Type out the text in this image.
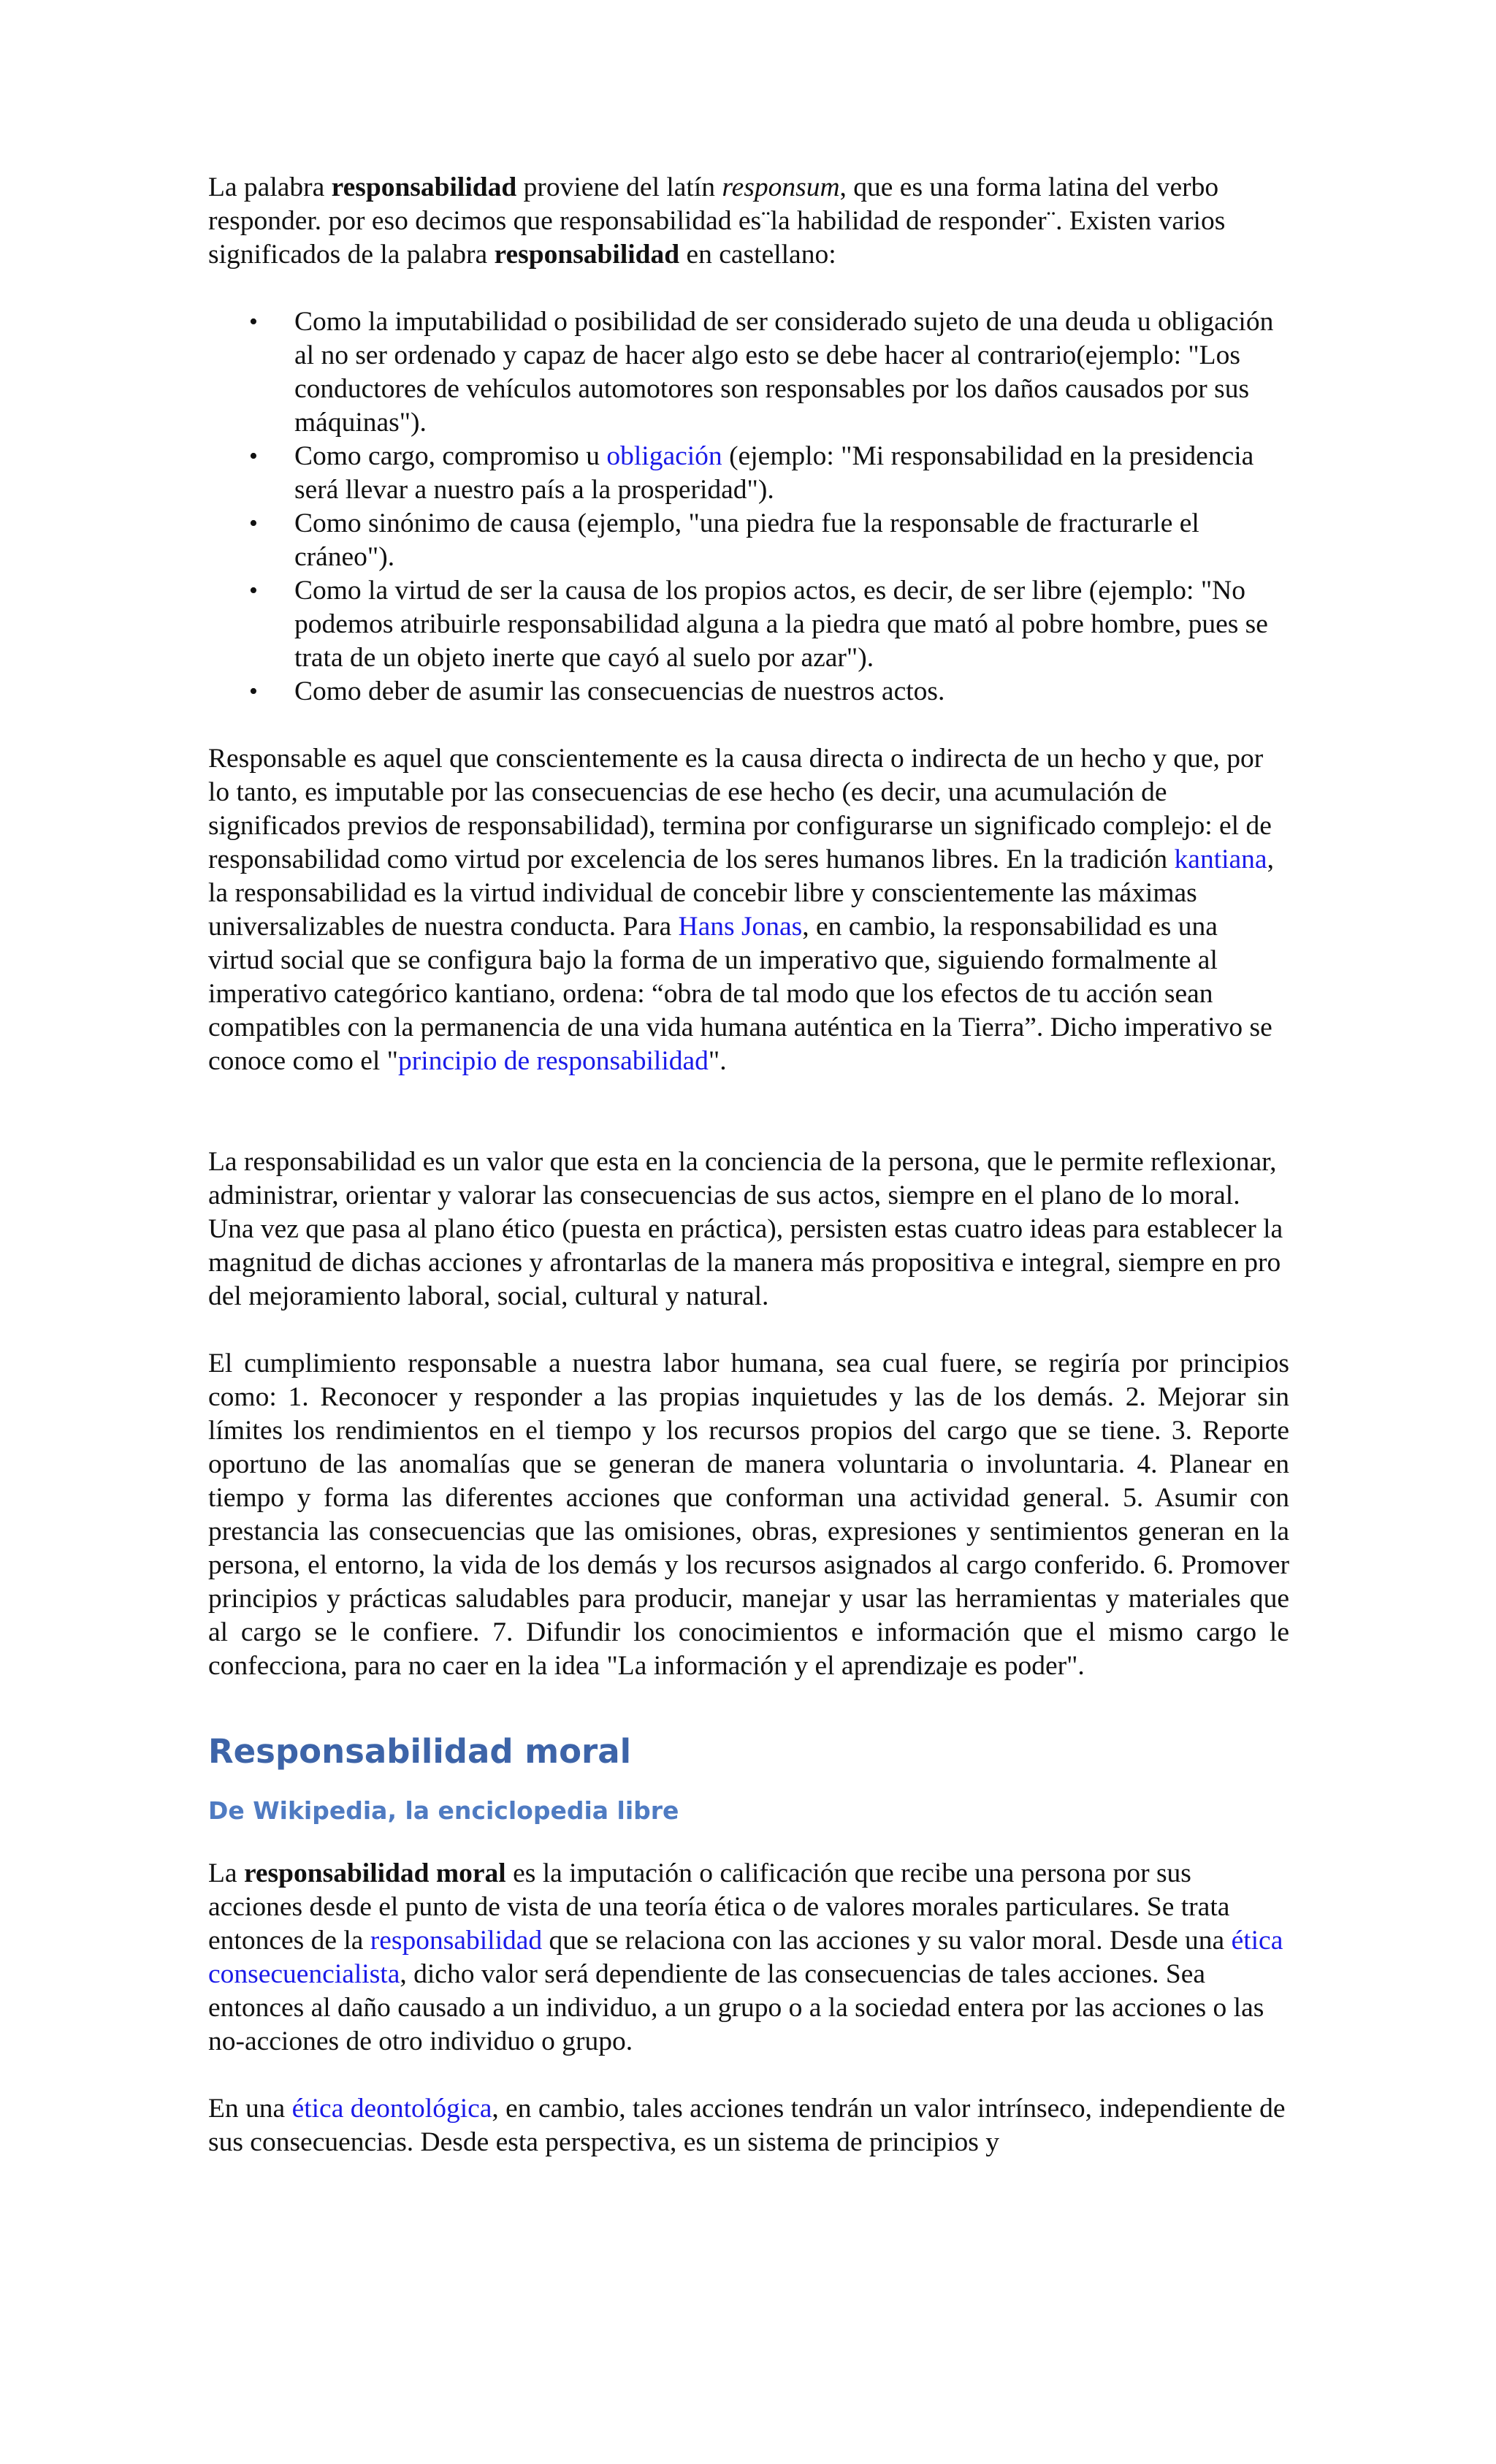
La palabra responsabilidad proviene del latín responsum, que es una forma latina del verbo responder. por eso decimos que responsabilidad es¨la habilidad de responder¨. Existen varios significados de la palabra responsabilidad en castellano:

• Como la imputabilidad o posibilidad de ser considerado sujeto de una deuda u obligación al no ser ordenado y capaz de hacer algo esto se debe hacer al contrario(ejemplo: "Los conductores de vehículos automotores son responsables por los daños causados por sus máquinas").
• Como cargo, compromiso u obligación (ejemplo: "Mi responsabilidad en la presidencia será llevar a nuestro país a la prosperidad").
• Como sinónimo de causa (ejemplo, "una piedra fue la responsable de fracturarle el cráneo").
• Como la virtud de ser la causa de los propios actos, es decir, de ser libre (ejemplo: "No podemos atribuirle responsabilidad alguna a la piedra que mató al pobre hombre, pues se trata de un objeto inerte que cayó al suelo por azar").
• Como deber de asumir las consecuencias de nuestros actos.

Responsable es aquel que conscientemente es la causa directa o indirecta de un hecho y que, por lo tanto, es imputable por las consecuencias de ese hecho (es decir, una acumulación de significados previos de responsabilidad), termina por configurarse un significado complejo: el de responsabilidad como virtud por excelencia de los seres humanos libres. En la tradición kantiana, la responsabilidad es la virtud individual de concebir libre y conscientemente las máximas universalizables de nuestra conducta. Para Hans Jonas, en cambio, la responsabilidad es una virtud social que se configura bajo la forma de un imperativo que, siguiendo formalmente al imperativo categórico kantiano, ordena: “obra de tal modo que los efectos de tu acción sean compatibles con la permanencia de una vida humana auténtica en la Tierra”. Dicho imperativo se conoce como el "principio de responsabilidad".

La responsabilidad es un valor que esta en la conciencia de la persona, que le permite reflexionar, administrar, orientar y valorar las consecuencias de sus actos, siempre en el plano de lo moral. Una vez que pasa al plano ético (puesta en práctica), persisten estas cuatro ideas para establecer la magnitud de dichas acciones y afrontarlas de la manera más propositiva e integral, siempre en pro del mejoramiento laboral, social, cultural y natural.

El cumplimiento responsable a nuestra labor humana, sea cual fuere, se regiría por principios como: 1. Reconocer y responder a las propias inquietudes y las de los demás. 2. Mejorar sin límites los rendimientos en el tiempo y los recursos propios del cargo que se tiene. 3. Reporte oportuno de las anomalías que se generan de manera voluntaria o involuntaria. 4. Planear en tiempo y forma las diferentes acciones que conforman una actividad general. 5. Asumir con prestancia las consecuencias que las omisiones, obras, expresiones y sentimientos generan en la persona, el entorno, la vida de los demás y los recursos asignados al cargo conferido. 6. Promover principios y prácticas saludables para producir, manejar y usar las herramientas y materiales que al cargo se le confiere. 7. Difundir los conocimientos e información que el mismo cargo le confecciona, para no caer en la idea "La información y el aprendizaje es poder".

Responsabilidad moral
De Wikipedia, la enciclopedia libre

La responsabilidad moral es la imputación o calificación que recibe una persona por sus acciones desde el punto de vista de una teoría ética o de valores morales particulares. Se trata entonces de la responsabilidad que se relaciona con las acciones y su valor moral. Desde una ética consecuencialista, dicho valor será dependiente de las consecuencias de tales acciones. Sea entonces al daño causado a un individuo, a un grupo o a la sociedad entera por las acciones o las no-acciones de otro individuo o grupo.

En una ética deontológica, en cambio, tales acciones tendrán un valor intrínseco, independiente de sus consecuencias. Desde esta perspectiva, es un sistema de principios y
